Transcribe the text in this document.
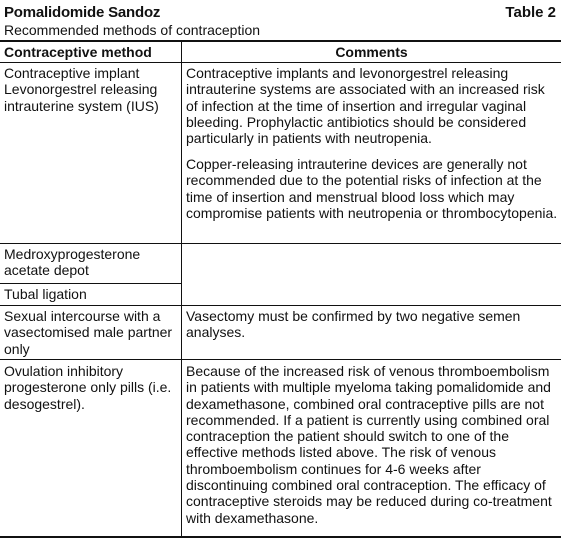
Pomalidomide Sandoz	Table 2
Recommended methods of contraception
Contraceptive method	Comments
Contraceptive implant
Levonorgestrel releasing intrauterine system (IUS)
Contraceptive implants and levonorgestrel releasing intrauterine systems are associated with an increased risk of infection at the time of insertion and irregular vaginal bleeding. Prophylactic antibiotics should be considered particularly in patients with neutropenia.
Copper-releasing intrauterine devices are generally not recommended due to the potential risks of infection at the time of insertion and menstrual blood loss which may compromise patients with neutropenia or thrombocytopenia.
Medroxyprogesterone acetate depot
Tubal ligation
Sexual intercourse with a vasectomised male partner only
Vasectomy must be confirmed by two negative semen analyses.
Ovulation inhibitory progesterone only pills (i.e. desogestrel).
Because of the increased risk of venous thromboembolism in patients with multiple myeloma taking pomalidomide and dexamethasone, combined oral contraceptive pills are not recommended. If a patient is currently using combined oral contraception the patient should switch to one of the effective methods listed above. The risk of venous thromboembolism continues for 4-6 weeks after discontinuing combined oral contraception. The efficacy of contraceptive steroids may be reduced during co-treatment with dexamethasone.
